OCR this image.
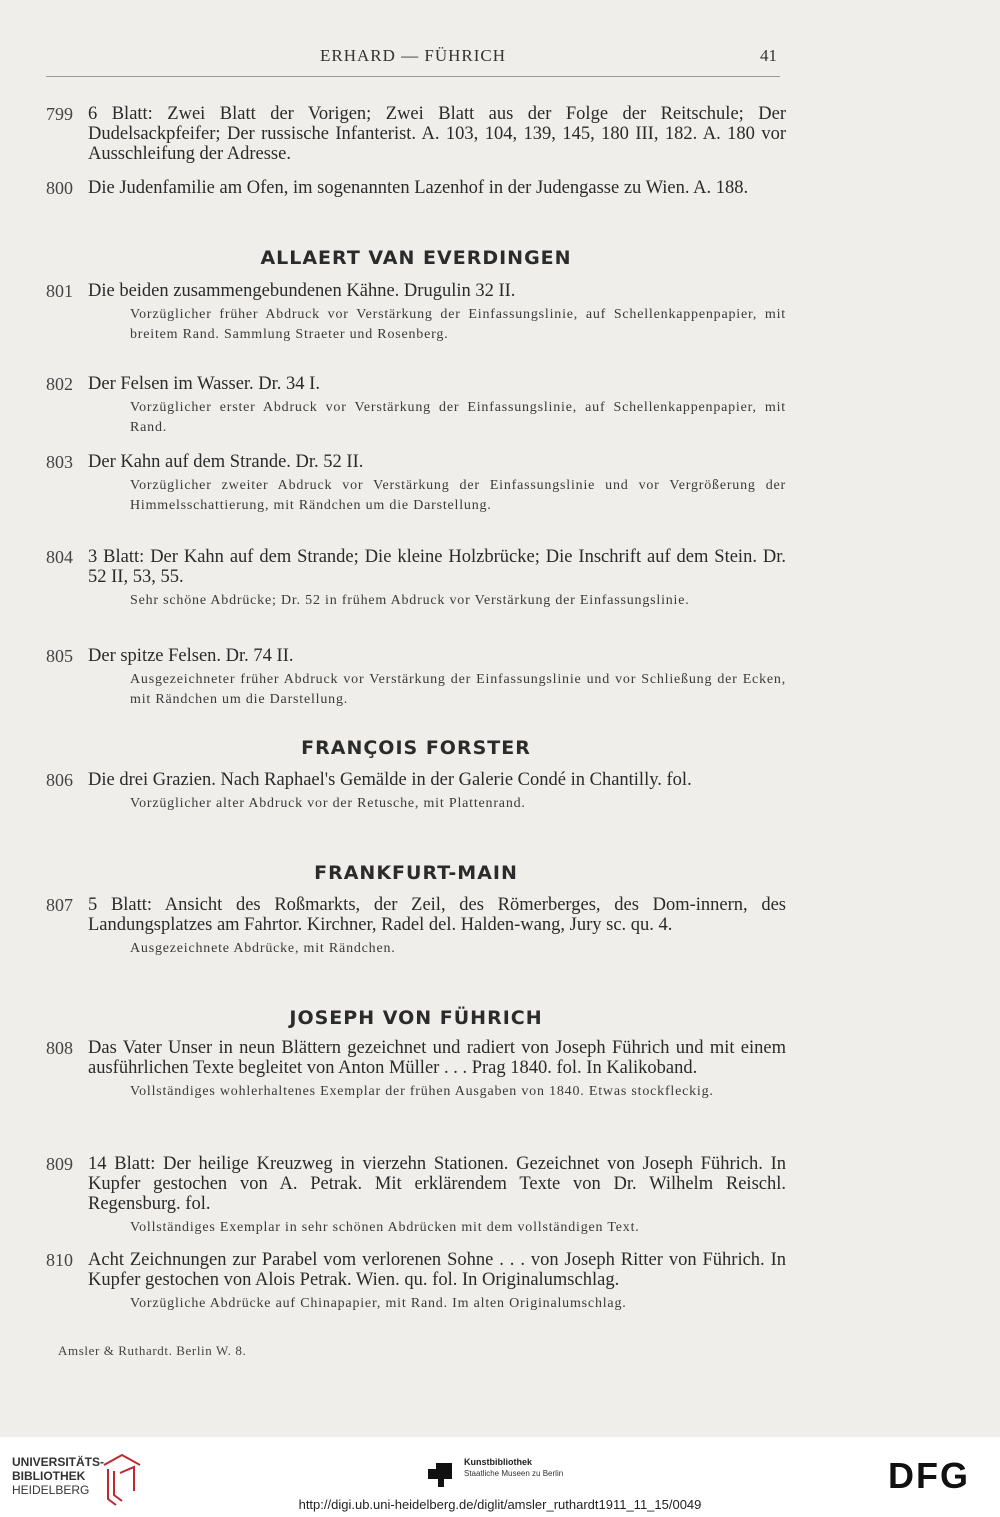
ERHARD — FÜHRICH	41
799 6 Blatt: Zwei Blatt der Vorigen; Zwei Blatt aus der Folge der Reitschule; Der Dudelsackpfeifer; Der russische Infanterist. A. 103, 104, 139, 145, 180 III, 182. A. 180 vor Ausschleifung der Adresse.

800 Die Judenfamilie am Ofen, im sogenannten Lazenhof in der Judengasse zu Wien. A. 188.

ALLAERT VAN EVERDINGEN
801 Die beiden zusammengebundenen Kähne. Drugulin 32 II.

Vorzüglicher früher Abdruck vor Verstärkung der Einfassungslinie, auf Schellenkappenpapier, mit breitem Rand. Sammlung Straeter und Rosenberg.

802 Der Felsen im Wasser. Dr. 34 I.

Vorzüglicher erster Abdruck vor Verstärkung der Einfassungslinie, auf Schellenkappenpapier, mit Rand.

803 Der Kahn auf dem Strande. Dr. 52 II.

Vorzüglicher zweiter Abdruck vor Verstärkung der Einfassungslinie und vor Vergrößerung der Himmelsschattierung, mit Rändchen um die Darstellung.

804 3 Blatt: Der Kahn auf dem Strande; Die kleine Holzbrücke; Die Inschrift auf dem Stein. Dr. 52 II, 53, 55.

Sehr schöne Abdrücke; Dr. 52 in frühem Abdruck vor Verstärkung der Einfassungslinie.

805 Der spitze Felsen. Dr. 74 II.

Ausgezeichneter früher Abdruck vor Verstärkung der Einfassungslinie und vor Schließung der Ecken, mit Rändchen um die Darstellung.

FRANÇOIS FORSTER
806 Die drei Grazien. Nach Raphael's Gemälde in der Galerie Condé in Chantilly. fol.

Vorzüglicher alter Abdruck vor der Retusche, mit Plattenrand.

FRANKFURT-MAIN
807 5 Blatt: Ansicht des Roßmarkts, der Zeil, des Römerberges, des Dom-innern, des Landungsplatzes am Fahrtor. Kirchner, Radel del. Halden-wang, Jury sc. qu. 4.

Ausgezeichnete Abdrücke, mit Rändchen.

JOSEPH VON FÜHRICH
808 Das Vater Unser in neun Blättern gezeichnet und radiert von Joseph Führich und mit einem ausführlichen Texte begleitet von Anton Müller . . . Prag 1840. fol. In Kalikoband.

Vollständiges wohlerhaltenes Exemplar der frühen Ausgaben von 1840. Etwas stockfleckig.

809 14 Blatt: Der heilige Kreuzweg in vierzehn Stationen. Gezeichnet von Joseph Führich. In Kupfer gestochen von A. Petrak. Mit erklärendem Texte von Dr. Wilhelm Reischl. Regensburg. fol.

Vollständiges Exemplar in sehr schönen Abdrücken mit dem vollständigen Text.

810 Acht Zeichnungen zur Parabel vom verlorenen Sohne . . . von Joseph Ritter von Führich. In Kupfer gestochen von Alois Petrak. Wien. qu. fol. In Originalumschlag.

Vorzügliche Abdrücke auf Chinapapier, mit Rand. Im alten Originalumschlag.

Amsler & Ruthardt. Berlin W. 8.
UNIVERSITÄTS-
BIBLIOTHEK
HEIDELBERG
Kunstbibliothek
Staatliche Museen zu Berlin	DFG
http://digi.ub.uni-heidelberg.de/diglit/amsler_ruthardt1911_11_15/0049
